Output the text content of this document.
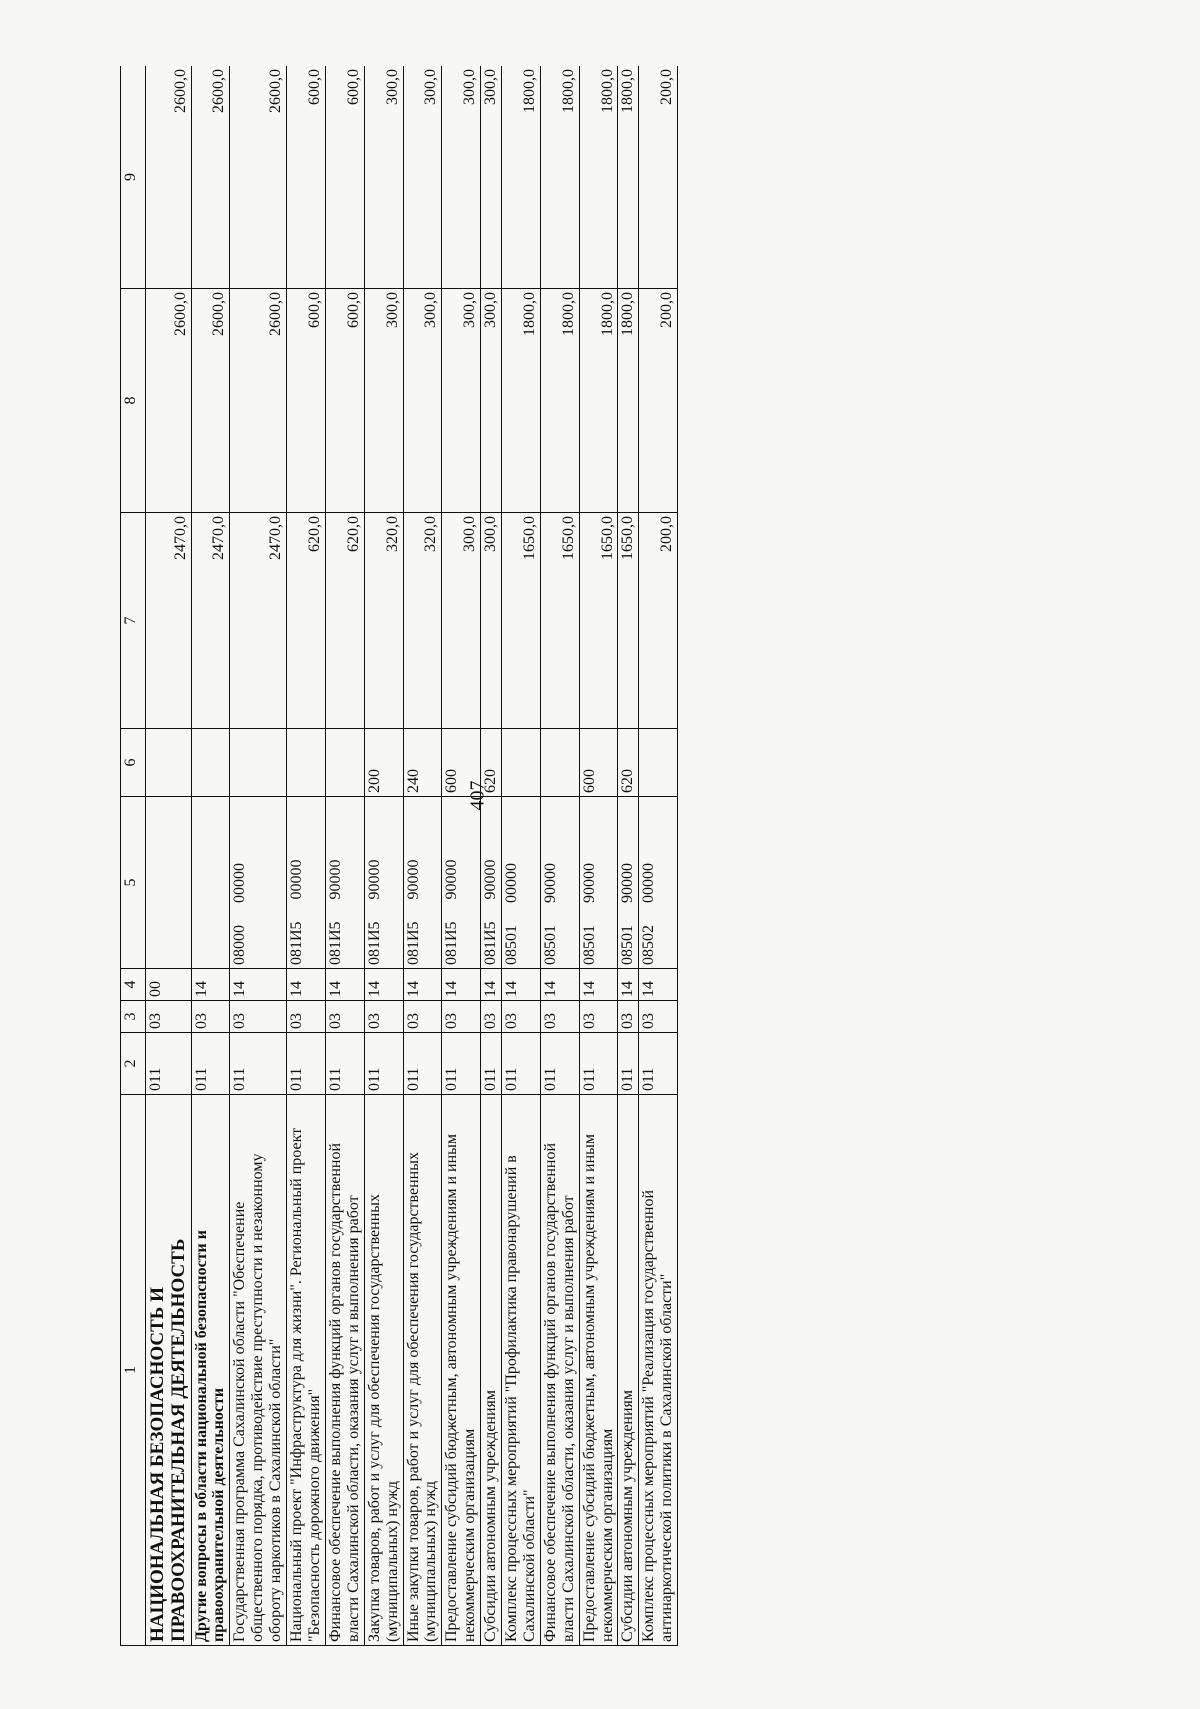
407
1	2	3	4	5	6	7	8	9
НАЦИОНАЛЬНАЯ БЕЗОПАСНОСТЬ И ПРАВООХРАНИТЕЛЬНАЯ ДЕЯТЕЛЬНОСТЬ	011	03	00			2470,0	2600,0	2600,0
Другие вопросы в области национальной безопасности и правоохранительной деятельности	011	03	14			2470,0	2600,0	2600,0
Государственная программа Сахалинской области "Обеспечение общественного порядка, противодействие преступности и незаконному обороту наркотиков в Сахалинской области"	011	03	14	08000 00000		2470,0	2600,0	2600,0
Национальный проект "Инфраструктура для жизни". Региональный проект "Безопасность дорожного движения"	011	03	14	081И5 00000		620,0	600,0	600,0
Финансовое обеспечение выполнения функций органов государственной власти Сахалинской области, оказания услуг и выполнения работ	011	03	14	081И5 90000		620,0	600,0	600,0
Закупка товаров, работ и услуг для обеспечения государственных (муниципальных) нужд	011	03	14	081И5 90000	200	320,0	300,0	300,0
Иные закупки товаров, работ и услуг для обеспечения государственных (муниципальных) нужд	011	03	14	081И5 90000	240	320,0	300,0	300,0
Предоставление субсидий бюджетным, автономным учреждениям и иным некоммерческим организациям	011	03	14	081И5 90000	600	300,0	300,0	300,0
Субсидии автономным учреждениям	011	03	14	081И5 90000	620	300,0	300,0	300,0
Комплекс процессных мероприятий "Профилактика правонарушений в Сахалинской области"	011	03	14	08501 00000		1650,0	1800,0	1800,0
Финансовое обеспечение выполнения функций органов государственной власти Сахалинской области, оказания услуг и выполнения работ	011	03	14	08501 90000		1650,0	1800,0	1800,0
Предоставление субсидий бюджетным, автономным учреждениям и иным некоммерческим организациям	011	03	14	08501 90000	600	1650,0	1800,0	1800,0
Субсидии автономным учреждениям	011	03	14	08501 90000	620	1650,0	1800,0	1800,0
Комплекс процессных мероприятий "Реализация государственной антинаркотической политики в Сахалинской области"	011	03	14	08502 00000		200,0	200,0	200,0
